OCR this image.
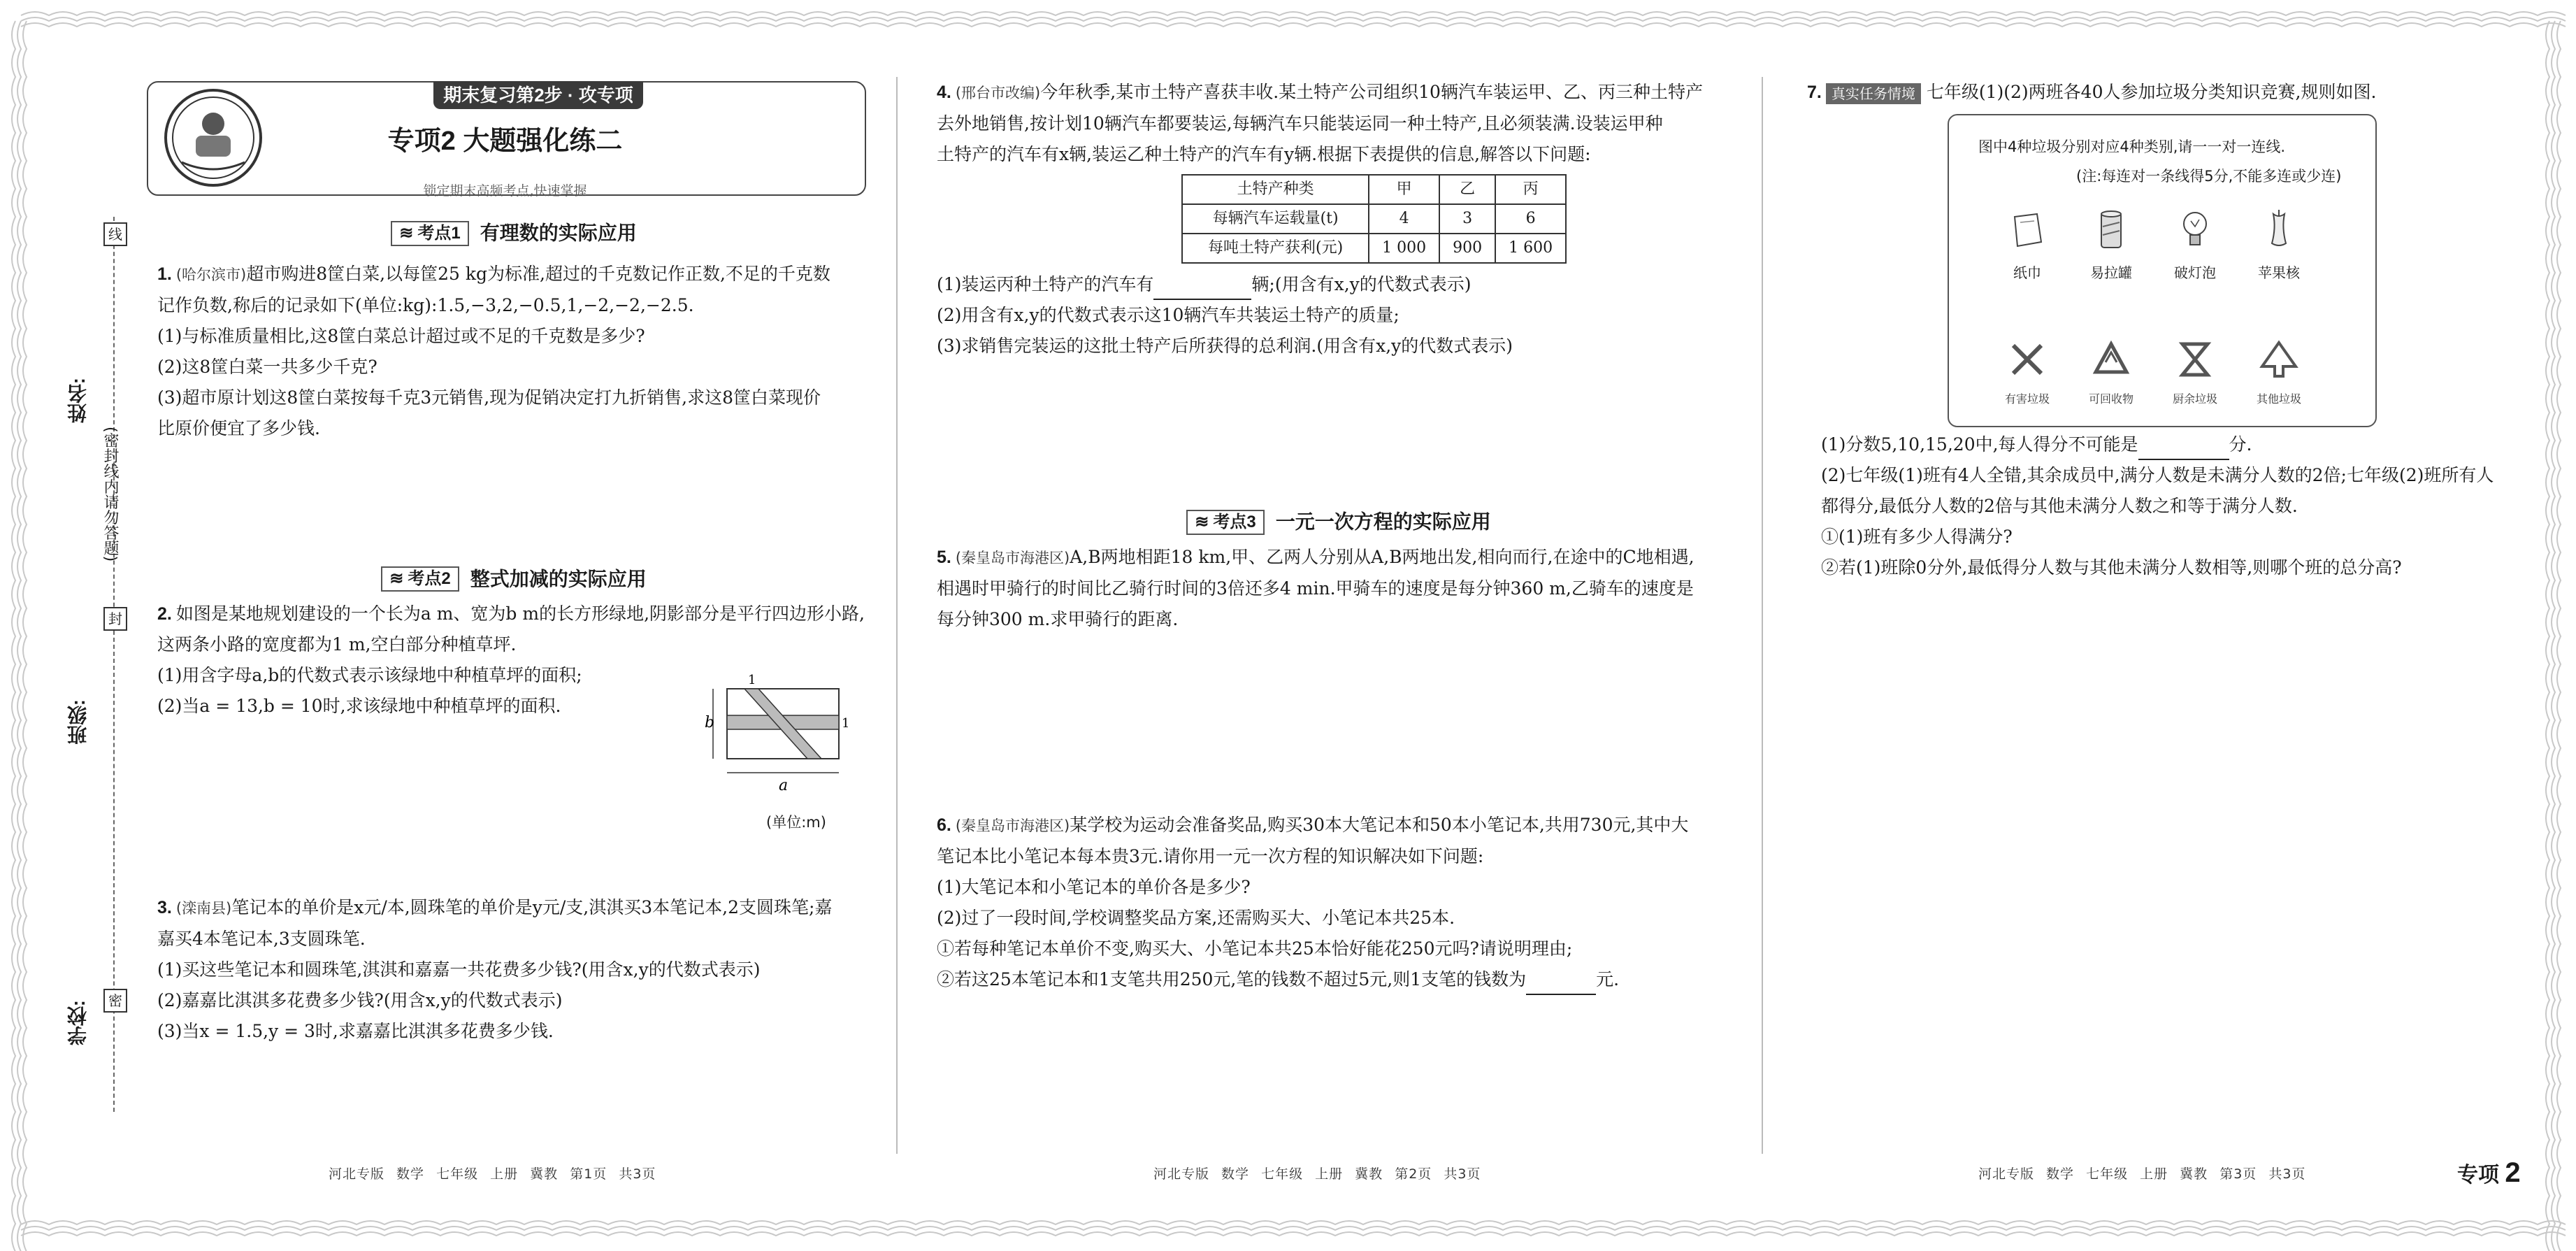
姓名:
班级:
学校:
(密封线内请勿答题)
线
封
密
期末复习第2步 · 攻专项
专项2 大题强化练二
锁定期末高频考点,快速掌握
≋ 考点1 有理数的实际应用

1. (哈尔滨市)超市购进8筐白菜,以每筐25 kg为标准,超过的千克数记作正数,不足的千克数

记作负数,称后的记录如下(单位:kg):1.5,−3,2,−0.5,1,−2,−2,−2.5.

(1)与标准质量相比,这8筐白菜总计超过或不足的千克数是多少?

(2)这8筐白菜一共多少千克?

(3)超市原计划这8筐白菜按每千克3元销售,现为促销决定打九折销售,求这8筐白菜现价

比原价便宜了多少钱.

≋ 考点2 整式加减的实际应用

2. 如图是某地规划建设的一个长为a m、宽为b m的长方形绿地,阴影部分是平行四边形小路,

这两条小路的宽度都为1 m,空白部分种植草坪.

(1)用含字母a,b的代数式表示该绿地中种植草坪的面积;

(2)当a = 13,b = 10时,求该绿地中种植草坪的面积.

3. (滦南县)笔记本的单价是x元/本,圆珠笔的单价是y元/支,淇淇买3本笔记本,2支圆珠笔;嘉

嘉买4本笔记本,3支圆珠笔.

(1)买这些笔记本和圆珠笔,淇淇和嘉嘉一共花费多少钱?(用含x,y的代数式表示)

(2)嘉嘉比淇淇多花费多少钱?(用含x,y的代数式表示)

(3)当x = 1.5,y = 3时,求嘉嘉比淇淇多花费多少钱.

b
a
1
1
(单位:m)

4. (邢台市改编)今年秋季,某市土特产喜获丰收.某土特产公司组织10辆汽车装运甲、乙、丙三种土特产

去外地销售,按计划10辆汽车都要装运,每辆汽车只能装运同一种土特产,且必须装满.设装运甲种

土特产的汽车有x辆,装运乙种土特产的汽车有y辆.根据下表提供的信息,解答以下问题:

土特产种类	甲	乙	丙
每辆汽车运载量(t)	4	3	6
每吨土特产获利(元)	1 000	900	1 600

(1)装运丙种土特产的汽车有	辆;(用含有x,y的代数式表示)

(2)用含有x,y的代数式表示这10辆汽车共装运土特产的质量;

(3)求销售完装运的这批土特产后所获得的总利润.(用含有x,y的代数式表示)

≋ 考点3 一元一次方程的实际应用

5. (秦皇岛市海港区)A,B两地相距18 km,甲、乙两人分别从A,B两地出发,相向而行,在途中的C地相遇,

相遇时甲骑行的时间比乙骑行时间的3倍还多4 min.甲骑车的速度是每分钟360 m,乙骑车的速度是

每分钟300 m.求甲骑行的距离.

6. (秦皇岛市海港区)某学校为运动会准备奖品,购买30本大笔记本和50本小笔记本,共用730元,其中大

笔记本比小笔记本每本贵3元.请你用一元一次方程的知识解决如下问题:

(1)大笔记本和小笔记本的单价各是多少?

(2)过了一段时间,学校调整奖品方案,还需购买大、小笔记本共25本.

①若每种笔记本单价不变,购买大、小笔记本共25本恰好能花250元吗?请说明理由;

②若这25本笔记本和1支笔共用250元,笔的钱数不超过5元,则1支笔的钱数为	元.

7. 真实任务情境 七年级(1)(2)两班各40人参加垃圾分类知识竞赛,规则如图.

图中4种垃圾分别对应4种类别,请一一对一连线.
(注:每连对一条线得5分,不能多连或少连)
纸巾	易拉罐	破灯泡	苹果核
有害垃圾	可回收物	厨余垃圾	其他垃圾

(1)分数5,10,15,20中,每人得分不可能是	分.

(2)七年级(1)班有4人全错,其余成员中,满分人数是未满分人数的2倍;七年级(2)班所有人

都得分,最低分人数的2倍与其他未满分人数之和等于满分人数.

①(1)班有多少人得满分?

②若(1)班除0分外,最低得分人数与其他未满分人数相等,则哪个班的总分高?

河北专版 数学 七年级 上册 冀教 第1页 共3页	河北专版 数学 七年级 上册 冀教 第2页 共3页	河北专版 数学 七年级 上册 冀教 第3页 共3页	专项 2
